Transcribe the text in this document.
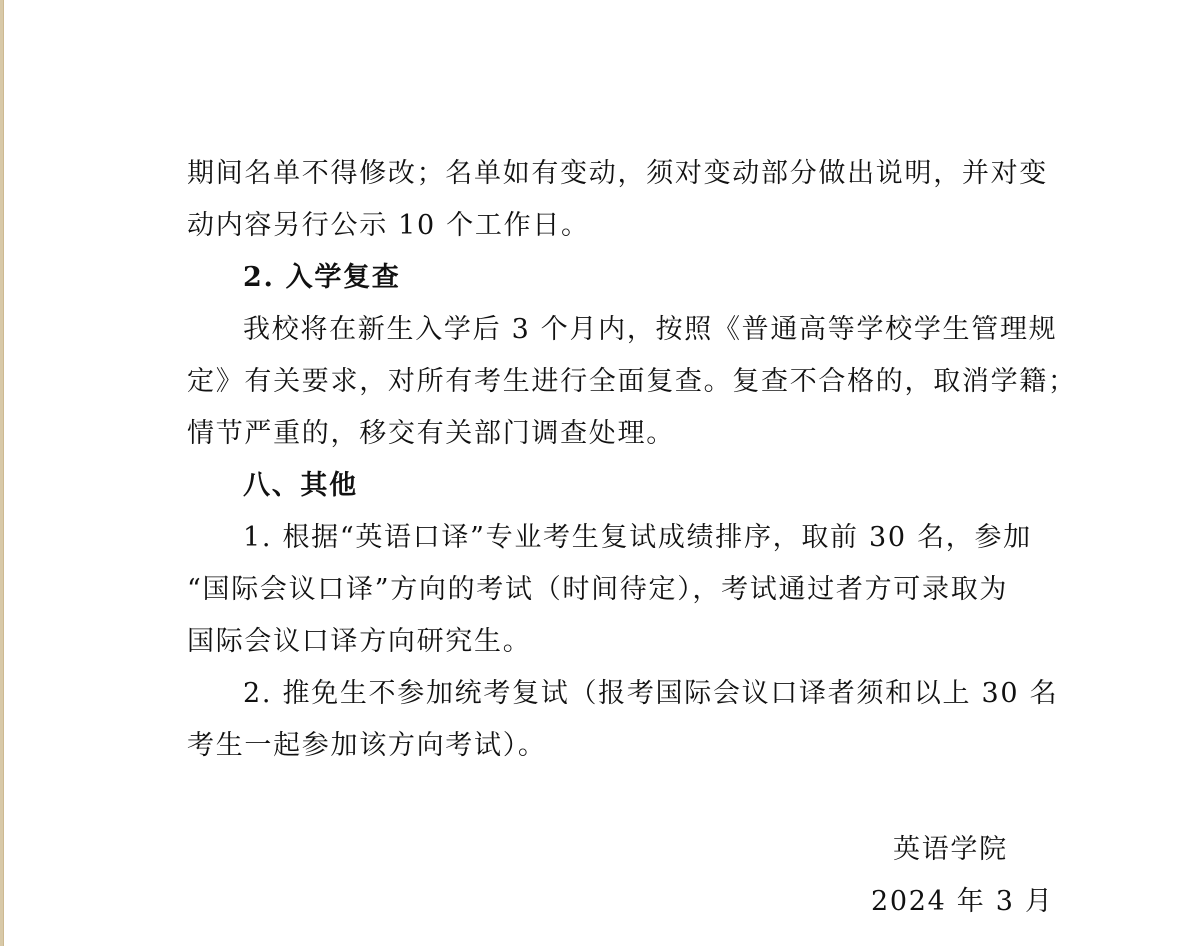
期间名单不得修改；名单如有变动，须对变动部分做出说明，并对变
动内容另行公示 10 个工作日。
2. 入学复查
我校将在新生入学后 3 个月内，按照《普通高等学校学生管理规
定》有关要求，对所有考生进行全面复查。复查不合格的，取消学籍；
情节严重的，移交有关部门调查处理。
八、其他
1. 根据“英语口译”专业考生复试成绩排序，取前 30 名，参加
“国际会议口译”方向的考试（时间待定），考试通过者方可录取为
国际会议口译方向研究生。
2. 推免生不参加统考复试（报考国际会议口译者须和以上 30 名
考生一起参加该方向考试）。
英语学院
2024 年 3 月
